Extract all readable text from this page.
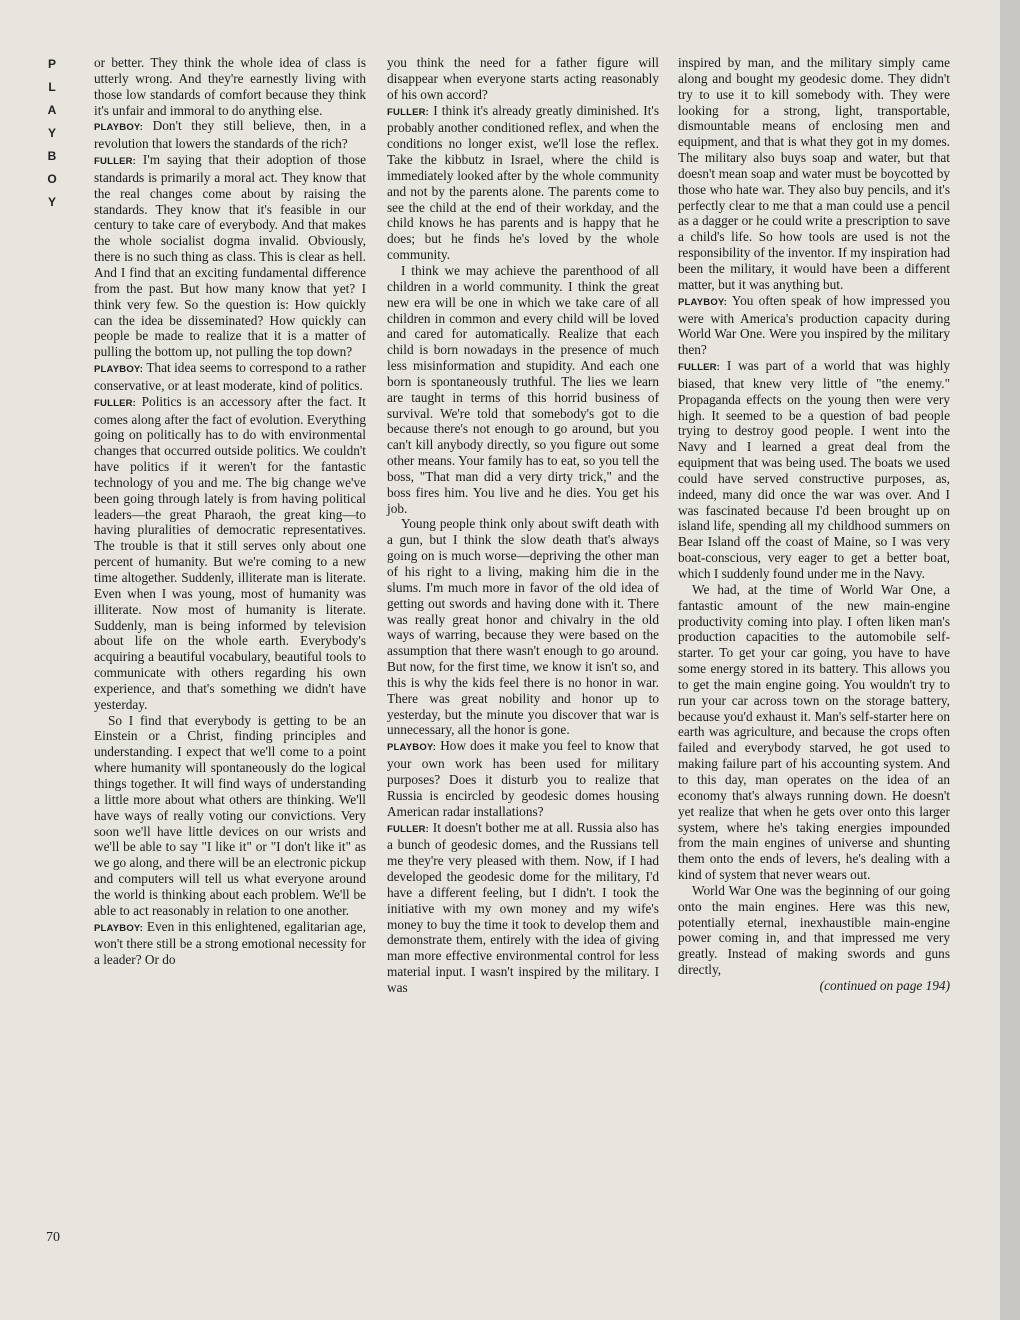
P
L
A
Y
B
O
Y

or better. They think the whole idea of class is utterly wrong. And they're earnestly living with those low standards of comfort because they think it's unfair and immoral to do anything else.

PLAYBOY: Don't they still believe, then, in a revolution that lowers the standards of the rich?

FULLER: I'm saying that their adoption of those standards is primarily a moral act. They know that the real changes come about by raising the standards. They know that it's feasible in our century to take care of everybody. And that makes the whole socialist dogma invalid. Obviously, there is no such thing as class. This is clear as hell. And I find that an exciting fundamental difference from the past. But how many know that yet? I think very few. So the question is: How quickly can the idea be disseminated? How quickly can people be made to realize that it is a matter of pulling the bottom up, not pulling the top down?

PLAYBOY: That idea seems to correspond to a rather conservative, or at least moderate, kind of politics.

FULLER: Politics is an accessory after the fact. It comes along after the fact of evolution. Everything going on politically has to do with environmental changes that occurred outside politics. We couldn't have politics if it weren't for the fantastic technology of you and me. The big change we've been going through lately is from having political leaders—the great Pharaoh, the great king—to having pluralities of democratic representatives. The trouble is that it still serves only about one percent of humanity. But we're coming to a new time altogether. Suddenly, illiterate man is literate. Even when I was young, most of humanity was illiterate. Now most of humanity is literate. Suddenly, man is being informed by television about life on the whole earth. Everybody's acquiring a beautiful vocabulary, beautiful tools to communicate with others regarding his own experience, and that's something we didn't have yesterday.

So I find that everybody is getting to be an Einstein or a Christ, finding principles and understanding. I expect that we'll come to a point where humanity will spontaneously do the logical things together. It will find ways of understanding a little more about what others are thinking. We'll have ways of really voting our convictions. Very soon we'll have little devices on our wrists and we'll be able to say "I like it" or "I don't like it" as we go along, and there will be an electronic pickup and computers will tell us what everyone around the world is thinking about each problem. We'll be able to act reasonably in relation to one another.

PLAYBOY: Even in this enlightened, egalitarian age, won't there still be a strong emotional necessity for a leader? Or do

you think the need for a father figure will disappear when everyone starts acting reasonably of his own accord?

FULLER: I think it's already greatly diminished. It's probably another conditioned reflex, and when the conditions no longer exist, we'll lose the reflex. Take the kibbutz in Israel, where the child is immediately looked after by the whole community and not by the parents alone. The parents come to see the child at the end of their workday, and the child knows he has parents and is happy that he does; but he finds he's loved by the whole community.

I think we may achieve the parenthood of all children in a world community. I think the great new era will be one in which we take care of all children in common and every child will be loved and cared for automatically. Realize that each child is born nowadays in the presence of much less misinformation and stupidity. And each one born is spontaneously truthful. The lies we learn are taught in terms of this horrid business of survival. We're told that somebody's got to die because there's not enough to go around, but you can't kill anybody directly, so you figure out some other means. Your family has to eat, so you tell the boss, "That man did a very dirty trick," and the boss fires him. You live and he dies. You get his job.

Young people think only about swift death with a gun, but I think the slow death that's always going on is much worse—depriving the other man of his right to a living, making him die in the slums. I'm much more in favor of the old idea of getting out swords and having done with it. There was really great honor and chivalry in the old ways of warring, because they were based on the assumption that there wasn't enough to go around. But now, for the first time, we know it isn't so, and this is why the kids feel there is no honor in war. There was great nobility and honor up to yesterday, but the minute you discover that war is unnecessary, all the honor is gone.

PLAYBOY: How does it make you feel to know that your own work has been used for military purposes? Does it disturb you to realize that Russia is encircled by geodesic domes housing American radar installations?

FULLER: It doesn't bother me at all. Russia also has a bunch of geodesic domes, and the Russians tell me they're very pleased with them. Now, if I had developed the geodesic dome for the military, I'd have a different feeling, but I didn't. I took the initiative with my own money and my wife's money to buy the time it took to develop them and demonstrate them, entirely with the idea of giving man more effective environmental control for less material input. I wasn't inspired by the military. I was

inspired by man, and the military simply came along and bought my geodesic dome. They didn't try to use it to kill somebody with. They were looking for a strong, light, transportable, dismountable means of enclosing men and equipment, and that is what they got in my domes. The military also buys soap and water, but that doesn't mean soap and water must be boycotted by those who hate war. They also buy pencils, and it's perfectly clear to me that a man could use a pencil as a dagger or he could write a prescription to save a child's life. So how tools are used is not the responsibility of the inventor. If my inspiration had been the military, it would have been a different matter, but it was anything but.

PLAYBOY: You often speak of how impressed you were with America's production capacity during World War One. Were you inspired by the military then?

FULLER: I was part of a world that was highly biased, that knew very little of "the enemy." Propaganda effects on the young then were very high. It seemed to be a question of bad people trying to destroy good people. I went into the Navy and I learned a great deal from the equipment that was being used. The boats we used could have served constructive purposes, as, indeed, many did once the war was over. And I was fascinated because I'd been brought up on island life, spending all my childhood summers on Bear Island off the coast of Maine, so I was very boat-conscious, very eager to get a better boat, which I suddenly found under me in the Navy.

We had, at the time of World War One, a fantastic amount of the new main-engine productivity coming into play. I often liken man's production capacities to the automobile self-starter. To get your car going, you have to have some energy stored in its battery. This allows you to get the main engine going. You wouldn't try to run your car across town on the storage battery, because you'd exhaust it. Man's self-starter here on earth was agriculture, and because the crops often failed and everybody starved, he got used to making failure part of his accounting system. And to this day, man operates on the idea of an economy that's always running down. He doesn't yet realize that when he gets over onto this larger system, where he's taking energies impounded from the main engines of universe and shunting them onto the ends of levers, he's dealing with a kind of system that never wears out.

World War One was the beginning of our going onto the main engines. Here was this new, potentially eternal, inexhaustible main-engine power coming in, and that impressed me very greatly. Instead of making swords and guns directly,

(continued on page 194)

70
